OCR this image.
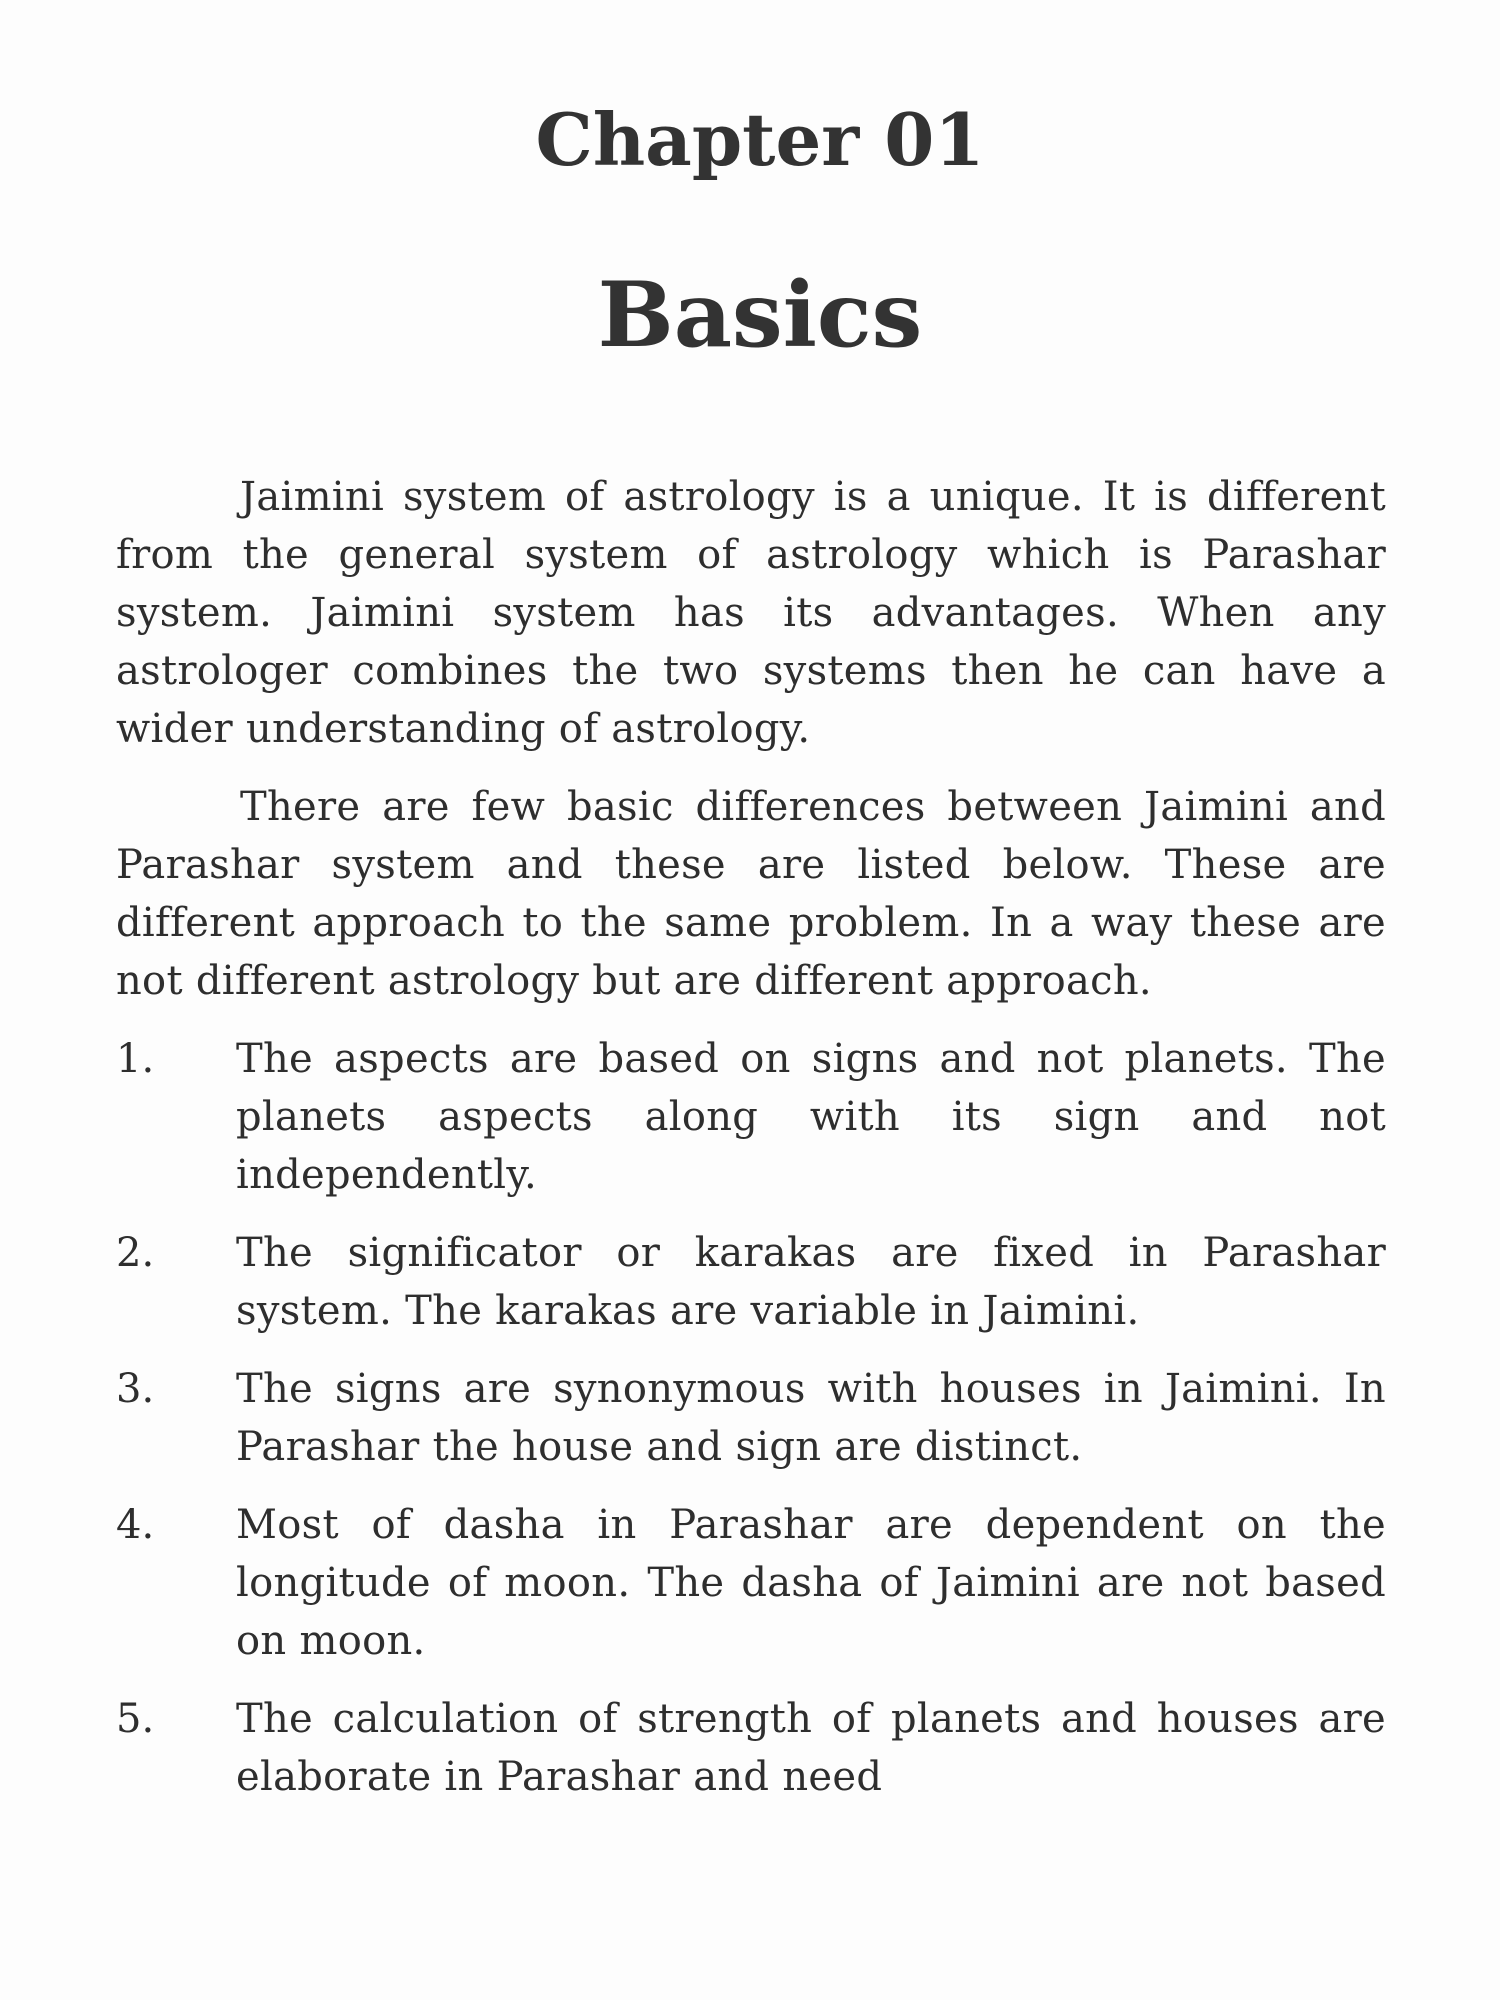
Chapter 01
Basics

Jaimini system of astrology is a unique. It is different from the general system of astrology which is Parashar system. Jaimini system has its advantages. When any astrologer combines the two systems then he can have a wider understanding of astrology.

There are few basic differences between Jaimini and Parashar system and these are listed below. These are different approach to the same problem. In a way these are not different astrology but are different approach.

1.	The aspects are based on signs and not planets. The planets aspects along with its sign and not independently.
2.	The significator or karakas are fixed in Parashar system. The karakas are variable in Jaimini.
3.	The signs are synonymous with houses in Jaimini. In Parashar the house and sign are distinct.
4.	Most of dasha in Parashar are dependent on the longitude of moon. The dasha of Jaimini are not based on moon.
5.	The calculation of strength of planets and houses are elaborate in Parashar and need
